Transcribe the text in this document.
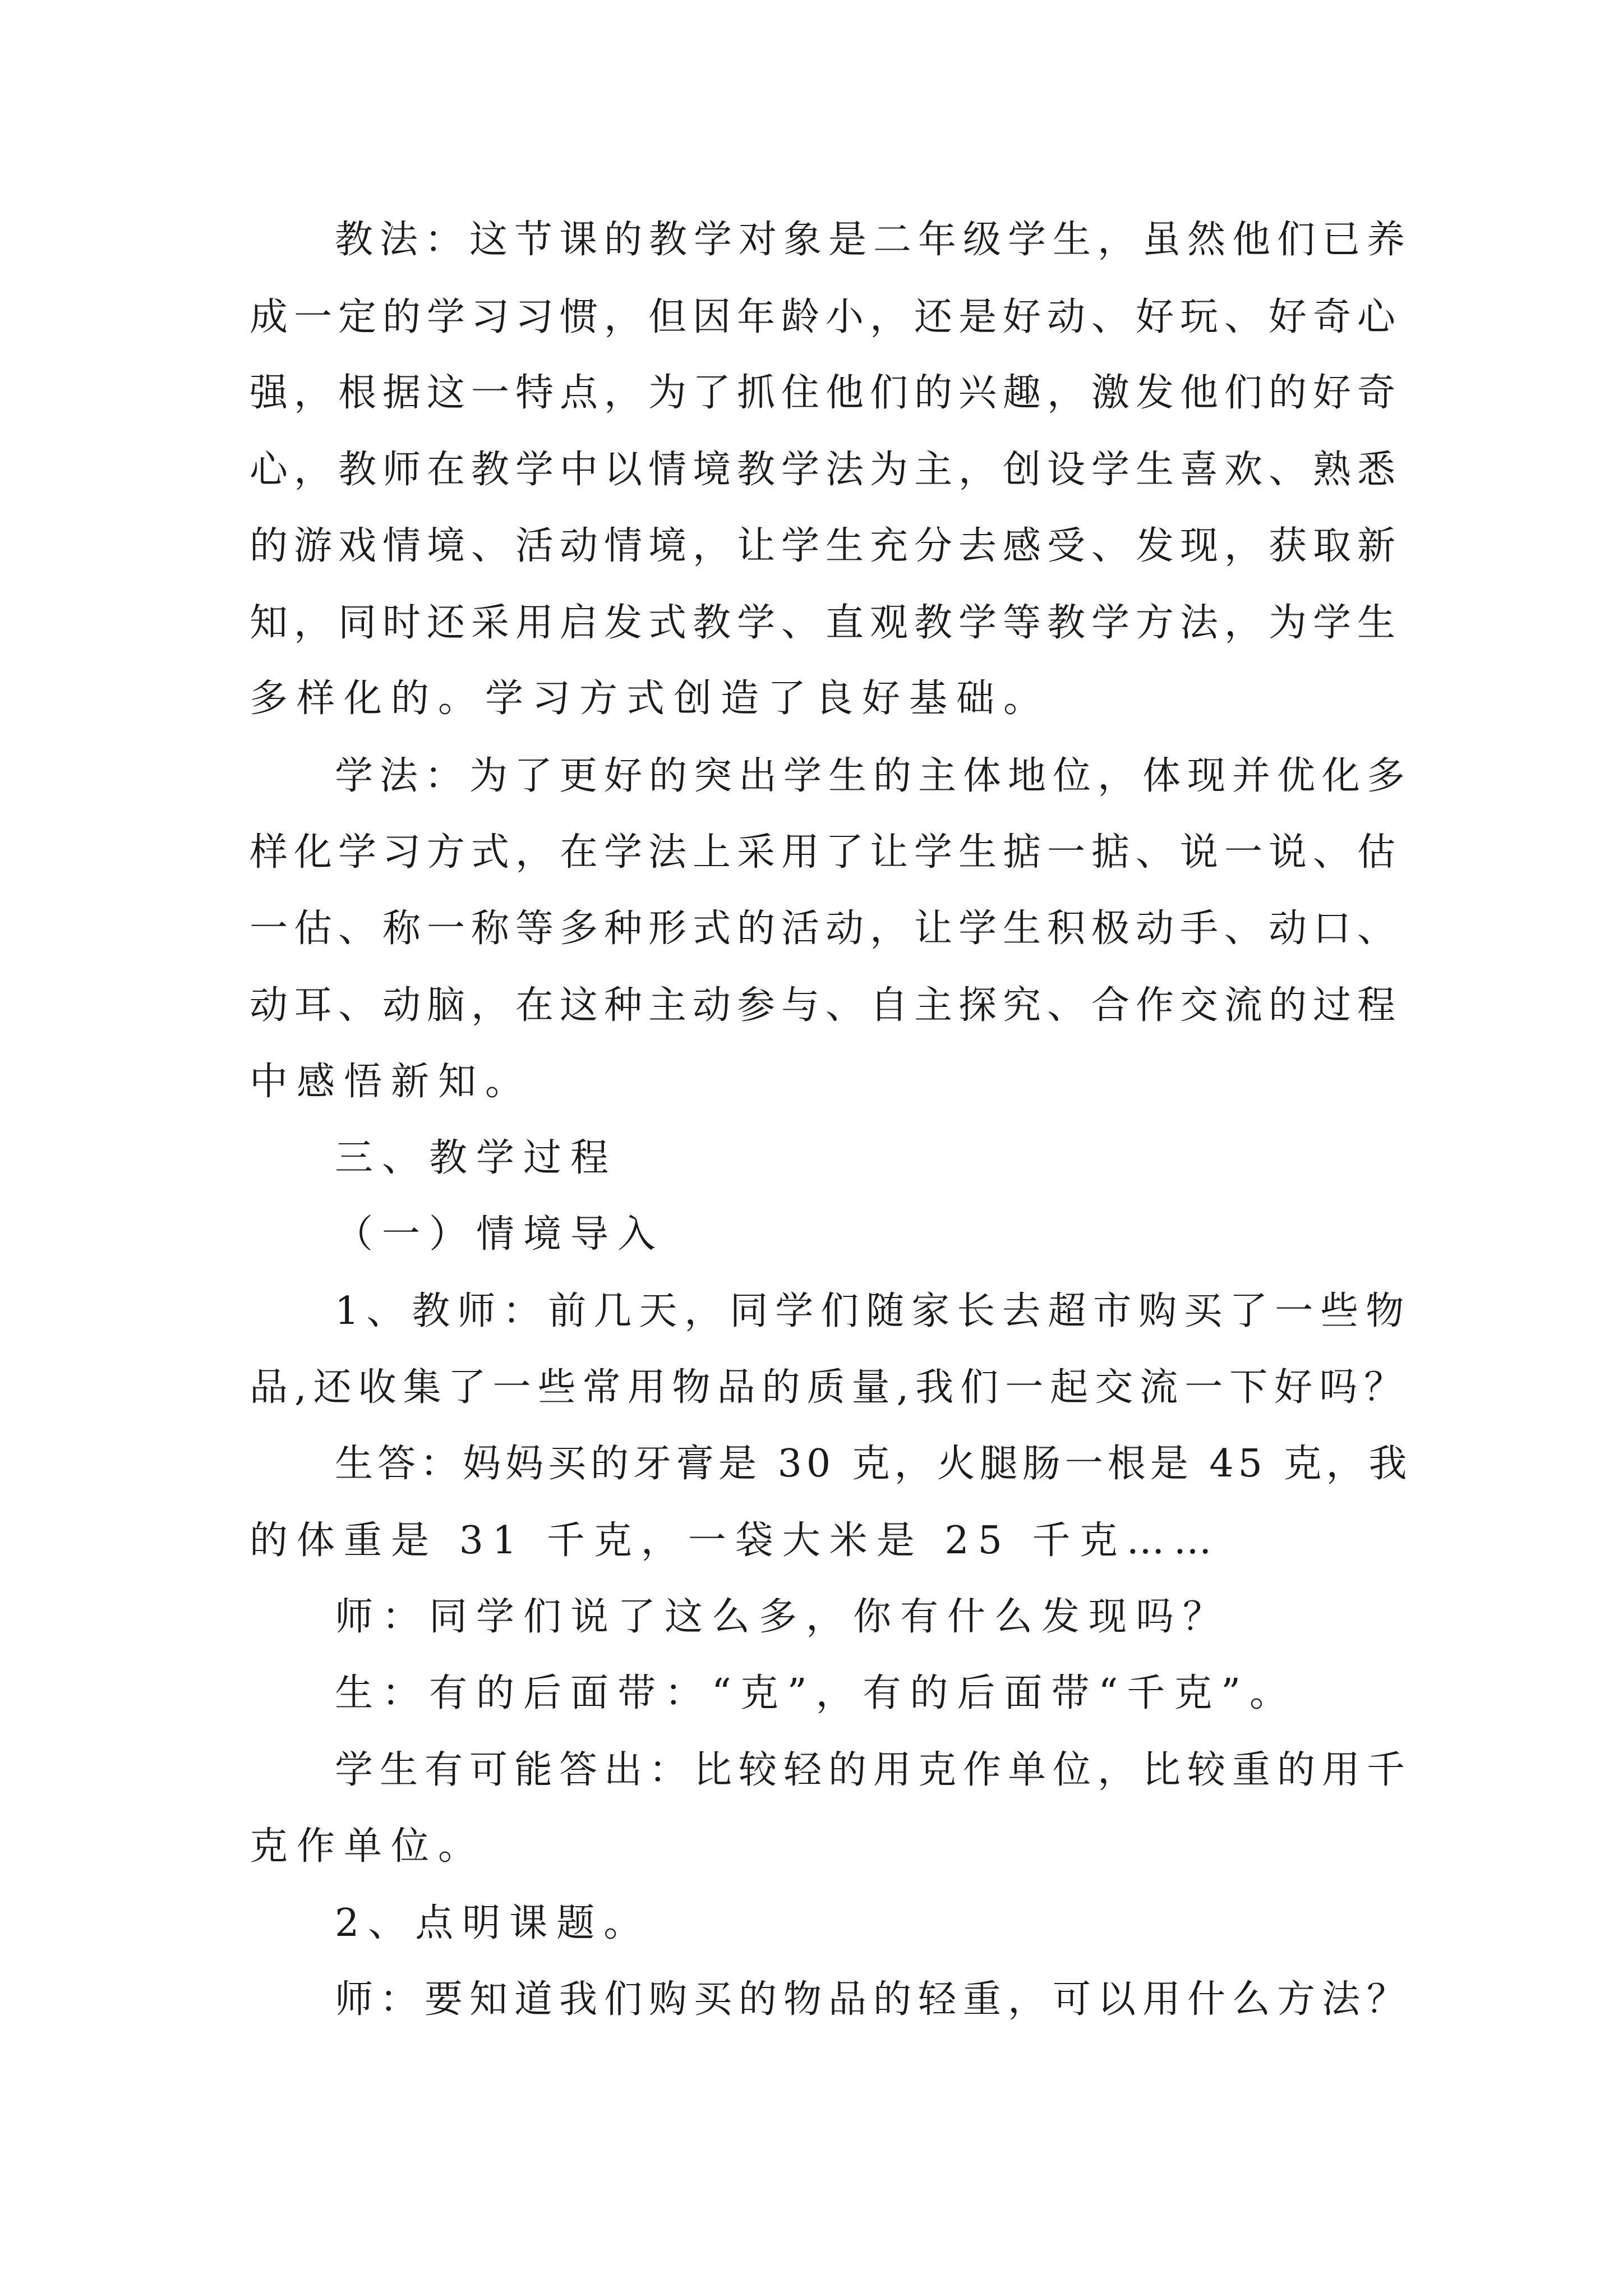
教法：这节课的教学对象是二年级学生，虽然他们已养

成一定的学习习惯，但因年龄小，还是好动、好玩、好奇心

强，根据这一特点，为了抓住他们的兴趣，激发他们的好奇

心，教师在教学中以情境教学法为主，创设学生喜欢、熟悉

的游戏情境、活动情境，让学生充分去感受、发现，获取新

知，同时还采用启发式教学、直观教学等教学方法，为学生

多样化的。学习方式创造了良好基础。

学法：为了更好的突出学生的主体地位，体现并优化多

样化学习方式，在学法上采用了让学生掂一掂、说一说、估

一估、称一称等多种形式的活动，让学生积极动手、动口、

动耳、动脑，在这种主动参与、自主探究、合作交流的过程

中感悟新知。

三、教学过程

（一）情境导入

1、教师：前几天，同学们随家长去超市购买了一些物

品,还收集了一些常用物品的质量,我们一起交流一下好吗？

生答：妈妈买的牙膏是 30 克，火腿肠一根是 45 克，我

的体重是 31 千克，一袋大米是 25 千克……

师：同学们说了这么多，你有什么发现吗？

生：有的后面带：“克”，有的后面带“千克”。

学生有可能答出：比较轻的用克作单位，比较重的用千

克作单位。

2、点明课题。

师：要知道我们购买的物品的轻重，可以用什么方法？
